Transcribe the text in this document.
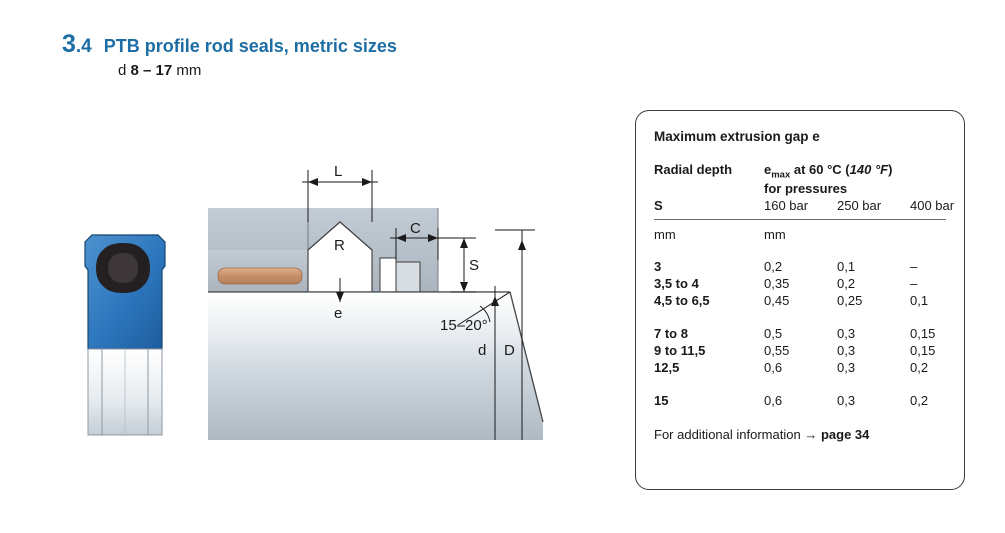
3.4 PTB profile rod seals, metric sizes
d 8 – 17 mm
L
R
C
S
e
15–20°
d D
Maximum extrusion gap e
Radial depth	$e_{max}$ at 60 °C (140 °F)
for pressures
S	160 bar	250 bar	400 bar
mm	mm
3	0,2	0,1	–
3,5 to 4	0,35	0,2	–
4,5 to 6,5	0,45	0,25	0,1
7 to 8	0,5	0,3	0,15
9 to 11,5	0,55	0,3	0,15
12,5	0,6	0,3	0,2
15	0,6	0,3	0,2
For additional information → page 34
